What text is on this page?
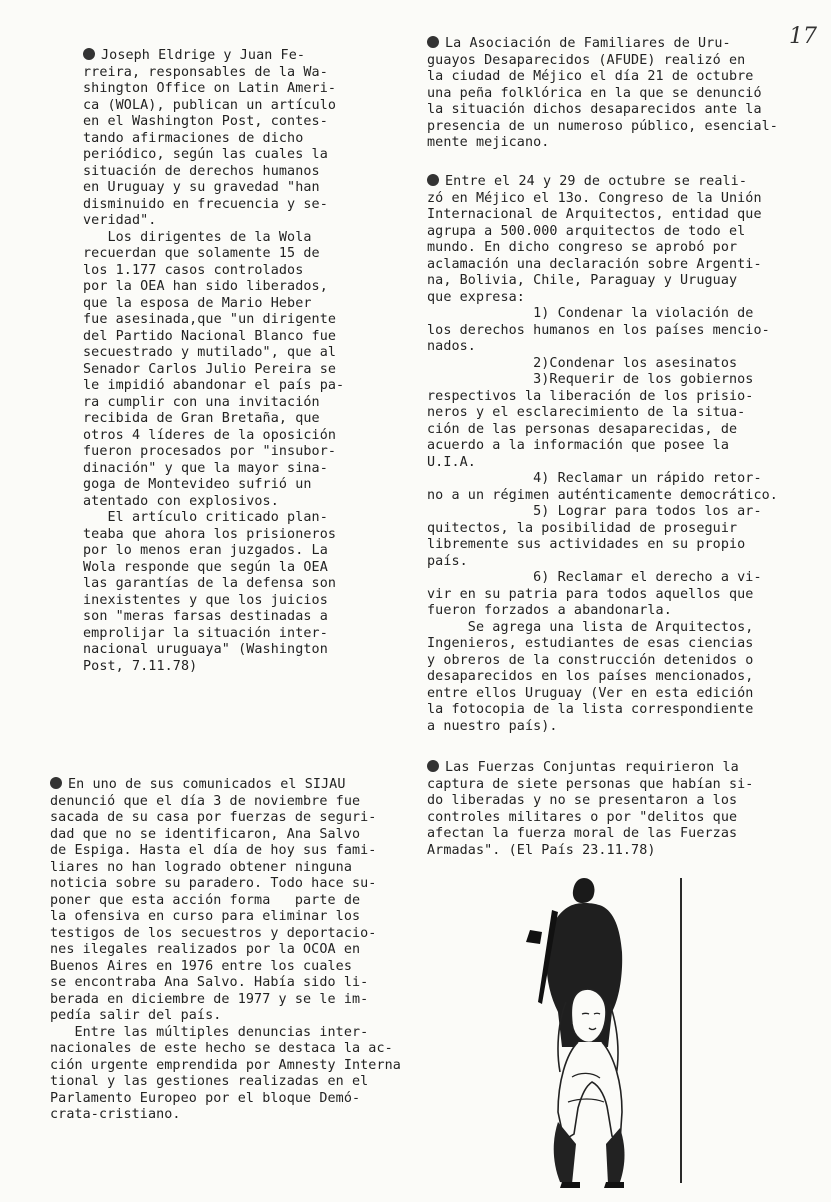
17

Joseph Eldrige y Juan Fe-

rreira, responsables de la Wa-

shington Office on Latin Ameri-

ca (WOLA), publican un artículo

en el Washington Post, contes-

tando afirmaciones de dicho

periódico, según las cuales la

situación de derechos humanos

en Uruguay y su gravedad "han

disminuido en frecuencia y se-

veridad".

Los dirigentes de la Wola

recuerdan que solamente 15 de

los 1.177 casos controlados

por la OEA han sido liberados,

que la esposa de Mario Heber

fue asesinada,que "un dirigente

del Partido Nacional Blanco fue

secuestrado y mutilado", que al

Senador Carlos Julio Pereira se

le impidió abandonar el país pa-

ra cumplir con una invitación

recibida de Gran Bretaña, que

otros 4 líderes de la oposición

fueron procesados por "insubor-

dinación" y que la mayor sina-

goga de Montevideo sufrió un

atentado con explosivos.

El artículo criticado plan-

teaba que ahora los prisioneros

por lo menos eran juzgados. La

Wola responde que según la OEA

las garantías de la defensa son

inexistentes y que los juicios

son "meras farsas destinadas a

emprolijar la situación inter-

nacional uruguaya" (Washington

Post, 7.11.78)

La Asociación de Familiares de Uru-

guayos Desaparecidos (AFUDE) realizó en

la ciudad de Méjico el día 21 de octubre

una peña folklórica en la que se denunció

la situación dichos desaparecidos ante la

presencia de un numeroso público, esencial-

mente mejicano.

Entre el 24 y 29 de octubre se reali-

zó en Méjico el 13o. Congreso de la Unión

Internacional de Arquitectos, entidad que

agrupa a 500.000 arquitectos de todo el

mundo. En dicho congreso se aprobó por

aclamación una declaración sobre Argenti-

na, Bolivia, Chile, Paraguay y Uruguay

que expresa:

1) Condenar la violación de

los derechos humanos en los países mencio-

nados.

2)Condenar los asesinatos

3)Requerir de los gobiernos

respectivos la liberación de los prisio-

neros y el esclarecimiento de la situa-

ción de las personas desaparecidas, de

acuerdo a la información que posee la

U.I.A.

4) Reclamar un rápido retor-

no a un régimen auténticamente democrático.

5) Lograr para todos los ar-

quitectos, la posibilidad de proseguir

libremente sus actividades en su propio

país.

6) Reclamar el derecho a vi-

vir en su patria para todos aquellos que

fueron forzados a abandonarla.

Se agrega una lista de Arquitectos,

Ingenieros, estudiantes de esas ciencias

y obreros de la construcción detenidos o

desaparecidos en los países mencionados,

entre ellos Uruguay (Ver en esta edición

la fotocopia de la lista correspondiente

a nuestro país).

Las Fuerzas Conjuntas requirieron la

captura de siete personas que habían si-

do liberadas y no se presentaron a los

controles militares o por "delitos que

afectan la fuerza moral de las Fuerzas

Armadas". (El País 23.11.78)

En uno de sus comunicados el SIJAU

denunció que el día 3 de noviembre fue

sacada de su casa por fuerzas de seguri-

dad que no se identificaron, Ana Salvo

de Espiga. Hasta el día de hoy sus fami-

liares no han logrado obtener ninguna

noticia sobre su paradero. Todo hace su-

poner que esta acción forma   parte de

la ofensiva en curso para eliminar los

testigos de los secuestros y deportacio-

nes ilegales realizados por la OCOA en

Buenos Aires en 1976 entre los cuales

se encontraba Ana Salvo. Había sido li-

berada en diciembre de 1977 y se le im-

pedía salir del país.

Entre las múltiples denuncias inter-

nacionales de este hecho se destaca la ac-

ción urgente emprendida por Amnesty Interna

tional y las gestiones realizadas en el

Parlamento Europeo por el bloque Demó-

crata-cristiano.
